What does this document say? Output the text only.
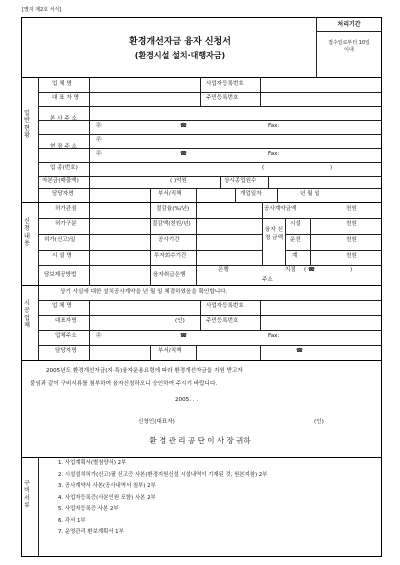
[별지 제2호 서식]
환경개선자금 융자 신청서
(환경시설 설치·대행자금)
처리기간
접수일로부터 10일 이내
일반현황
업 체 명	사업자등록번호
대 표 자 명	주민등록번호
본 사 주 소
㉾	☎	Fax:
현 장 주 소
㉾
㉾	☎	Fax:
업 종(번호)	(	)
자본금(매출액)	( )억원	상시종업원수
담당자명	부서/직책	개업일자	년 월 일
신청내용
허가관점	절감율(%/년)	공사계약금액	천원
허가구분	절감액(천원/년)
융자 신청 금액
시설	천원
허가(신고)일	공사기간	운전	천원
시 설 명	투자회수기간	계	천원
담보제공방법	융자취급은행
은행	지점 ( ☎	)
주소
시공업체
상기 사실에 대한 설치공사계약을 년 월 일 체결하였음을 확인합니다.
업 체 명	사업자등록번호
대표자명	(인)	주민등록번호
업체주소	㉾	☎	Fax:
담당자명	부서/직책	☎
2005년도 환경개선자금(지·특)융자운용요령에 따라 환경개선자금을 지원 받고자
붙임과 같이 구비서류를 첨부하여 융자신청하오니 승인하여 주시기 바랍니다.
2005. . .
신청인(대표자)	(인)
환 경 관 리 공 단 이 사 장 귀하
구비서류
1. 사업계획서(별첨양식) 2부
2. 시설설치허가(신고)필 신고증 사본(환경지원신설 시설내역이 기재된 것, 원본지참) 2부
3. 공사계약서 사본(공사내역서 첨부) 2부
4. 사업자등록증(사본인원 포함) 사본 2부
5. 사업자등록증 사본 2부
6. 각서 1부
7. 운영관리 환보계획서 1부
